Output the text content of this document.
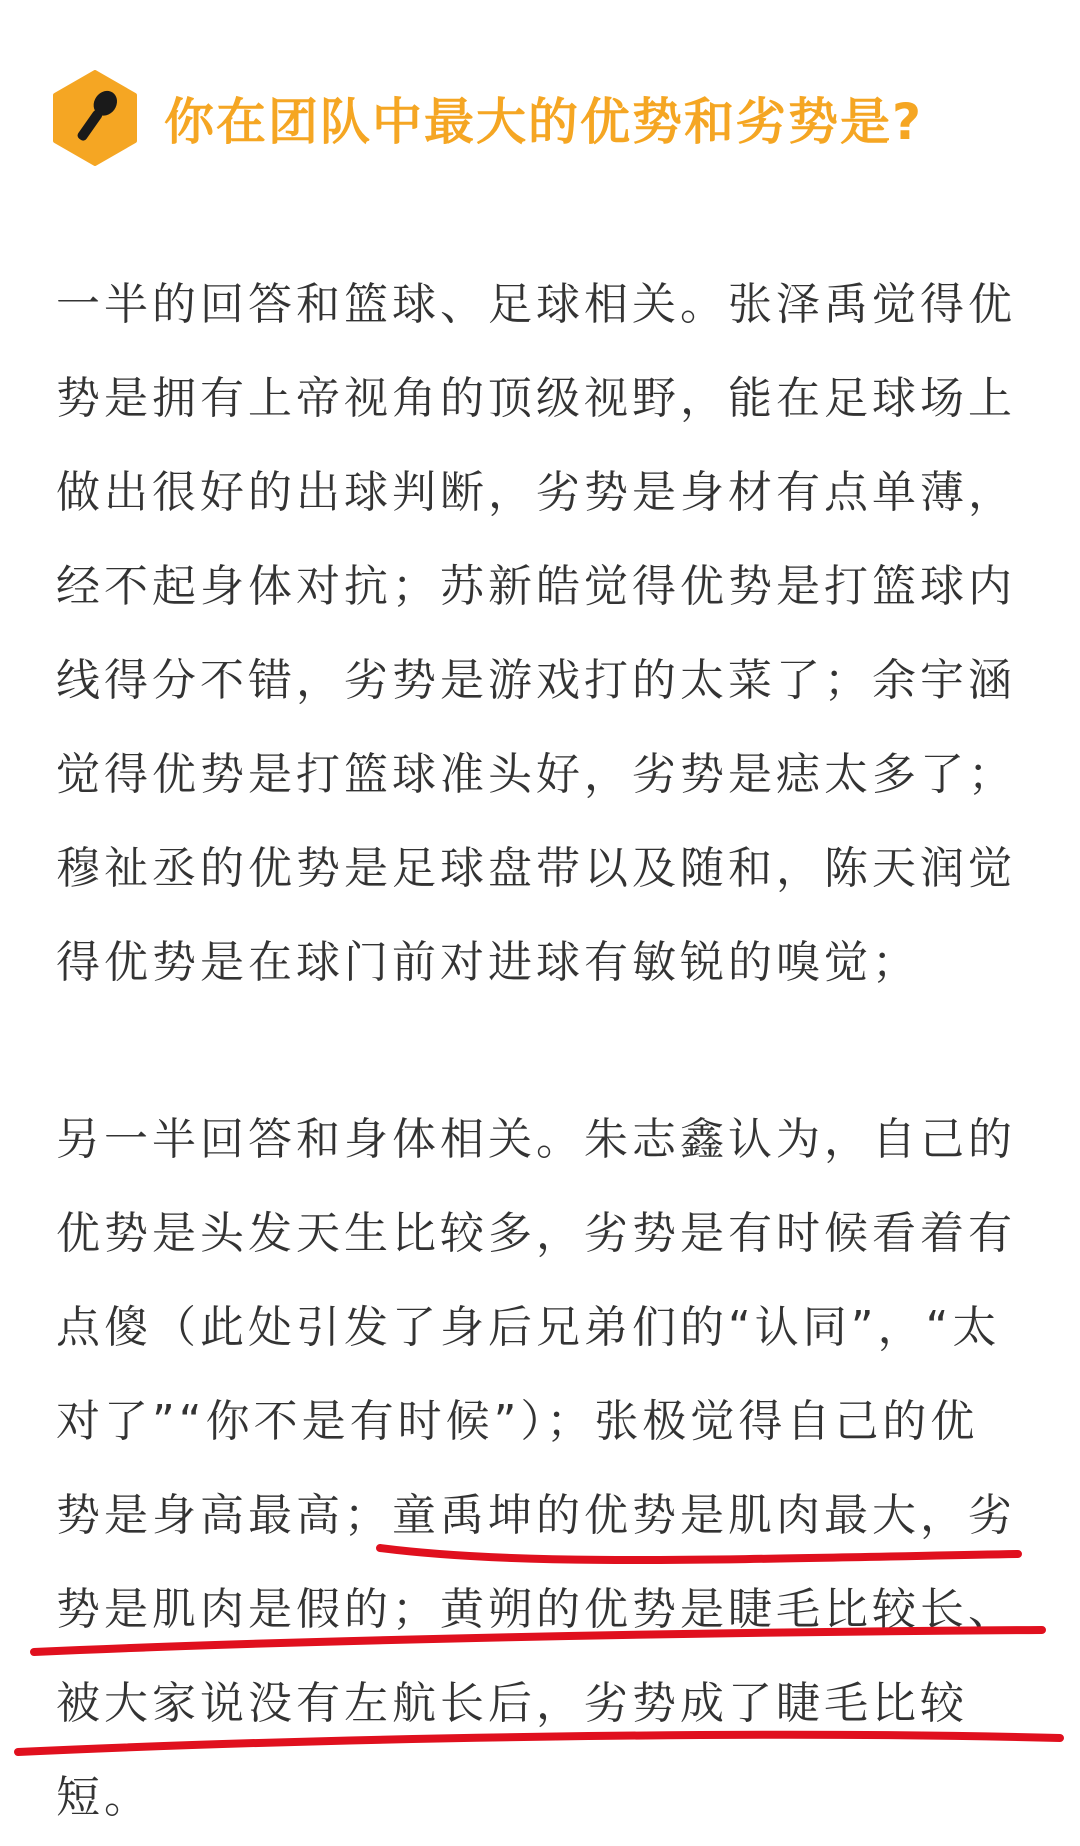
你在团队中最大的优势和劣势是?
一半的回答和篮球、足球相关。张泽禹觉得优
势是拥有上帝视角的顶级视野，能在足球场上
做出很好的出球判断，劣势是身材有点单薄，
经不起身体对抗；苏新皓觉得优势是打篮球内
线得分不错，劣势是游戏打的太菜了；余宇涵
觉得优势是打篮球准头好，劣势是痣太多了；
穆祉丞的优势是足球盘带以及随和，陈天润觉
得优势是在球门前对进球有敏锐的嗅觉；
另一半回答和身体相关。朱志鑫认为，自己的
优势是头发天生比较多，劣势是有时候看着有
点傻（此处引发了身后兄弟们的“认同”，“太
对了”“你不是有时候”）；张极觉得自己的优
势是身高最高；童禹坤的优势是肌肉最大，劣
势是肌肉是假的；黄朔的优势是睫毛比较长、
被大家说没有左航长后，劣势成了睫毛比较
短。
